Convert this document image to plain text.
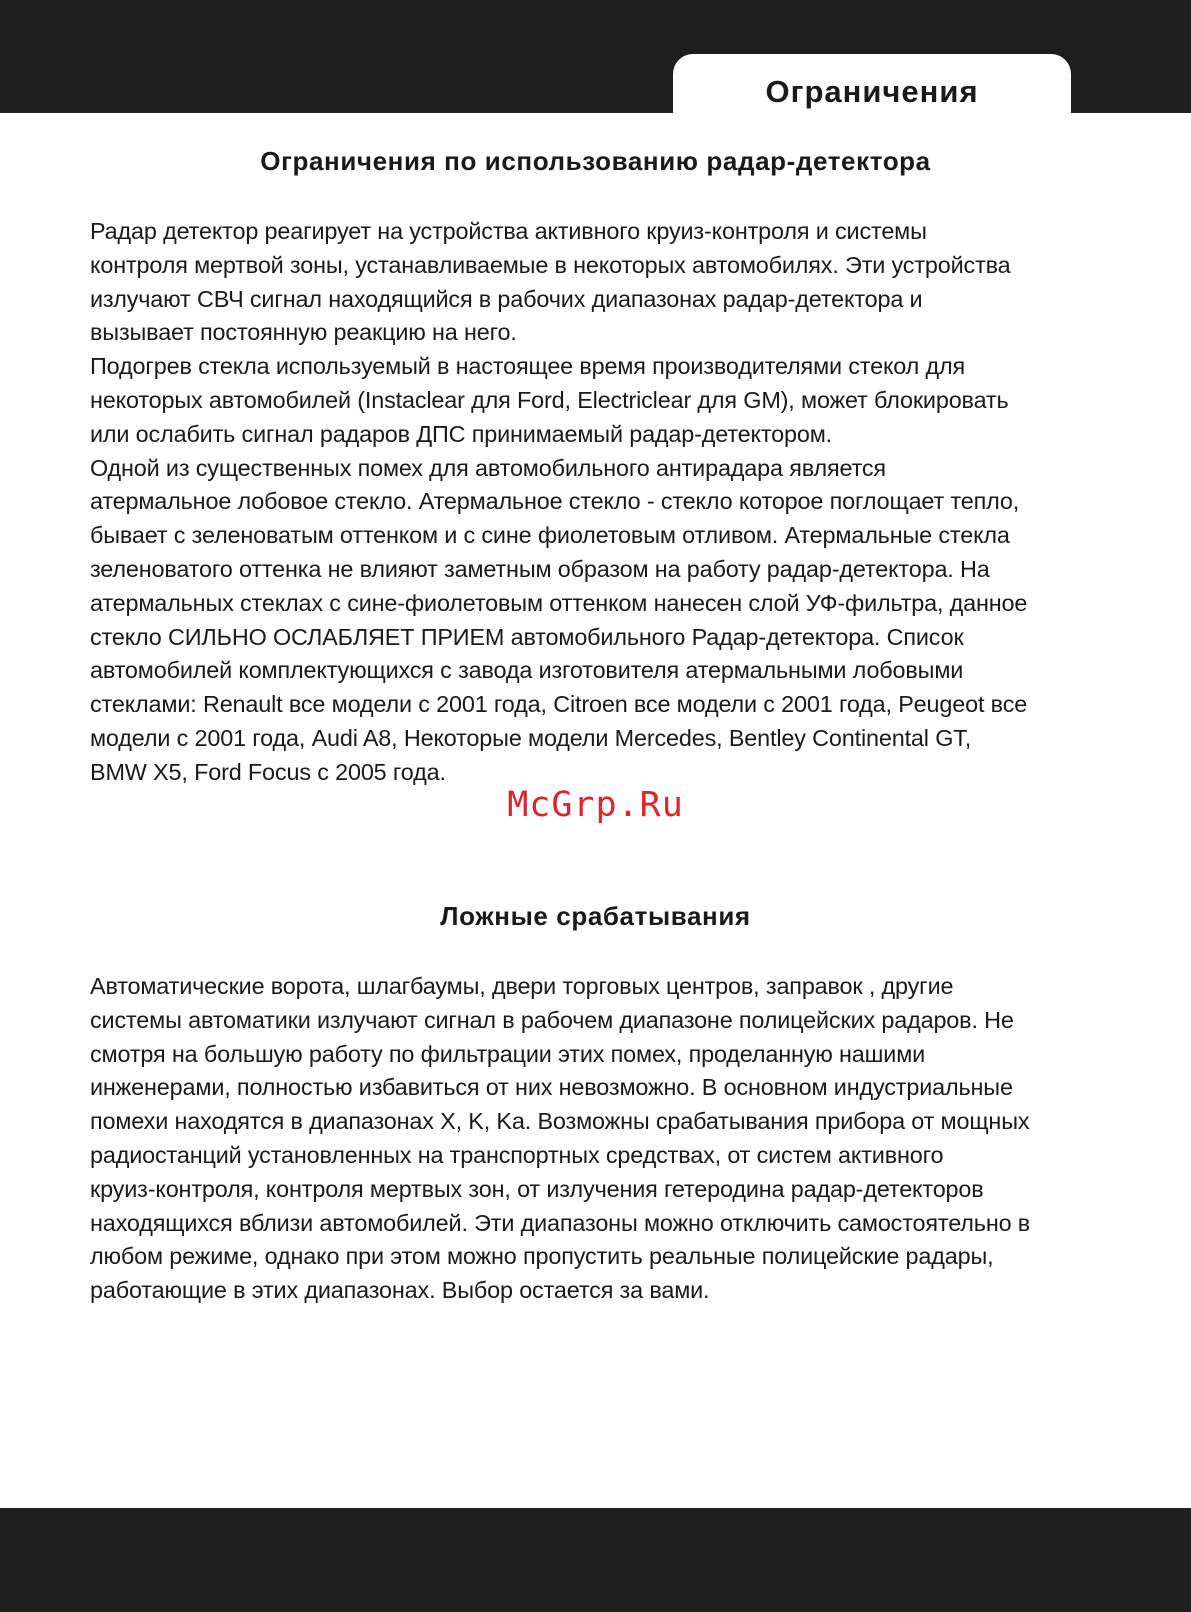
Ограничения
Ограничения по использованию радар-детектора

Радар детектор реагирует на устройства активного круиз-контроля и системы
контроля мертвой зоны, устанавливаемые в некоторых автомобилях. Эти устройства
излучают СВЧ сигнал находящийся в рабочих диапазонах радар-детектора и
вызывает постоянную реакцию на него.
Подогрев стекла используемый в настоящее время производителями стекол для
некоторых автомобилей (Instaclear для Ford, Electriclear для GM), может блокировать
или ослабить сигнал радаров ДПС принимаемый радар-детектором.
Одной из существенных помех для автомобильного антирадара является
атермальное лобовое стекло. Атермальное стекло - стекло которое поглощает тепло,
бывает с зеленоватым оттенком и с сине фиолетовым отливом. Атермальные стекла
зеленоватого оттенка не влияют заметным образом на работу радар-детектора. На
атермальных стеклах с сине-фиолетовым оттенком нанесен слой УФ-фильтра, данное
стекло СИЛЬНО ОСЛАБЛЯЕТ ПРИЕМ автомобильного Радар-детектора. Список
автомобилей комплектующихся с завода изготовителя атермальными лобовыми
стеклами: Renault все модели с 2001 года, Citroen все модели с 2001 года, Peugeot все
модели с 2001 года, Audi A8, Некоторые модели Mercedes, Bentley Continental GT,
BMW X5, Ford Focus с 2005 года.

McGrp.Ru
Ложные срабатывания

Автоматические ворота, шлагбаумы, двери торговых центров, заправок , другие
системы автоматики излучают сигнал в рабочем диапазоне полицейских радаров. Не
смотря на большую работу по фильтрации этих помех, проделанную нашими
инженерами, полностью избавиться от них невозможно. В основном индустриальные
помехи находятся в диапазонах X, K, Ka. Возможны срабатывания прибора от мощных
радиостанций установленных на транспортных средствах, от систем активного
круиз-контроля, контроля мертвых зон, от излучения гетеродина радар-детекторов
находящихся вблизи автомобилей. Эти диапазоны можно отключить самостоятельно в
любом режиме, однако при этом можно пропустить реальные полицейские радары,
работающие в этих диапазонах. Выбор остается за вами.
